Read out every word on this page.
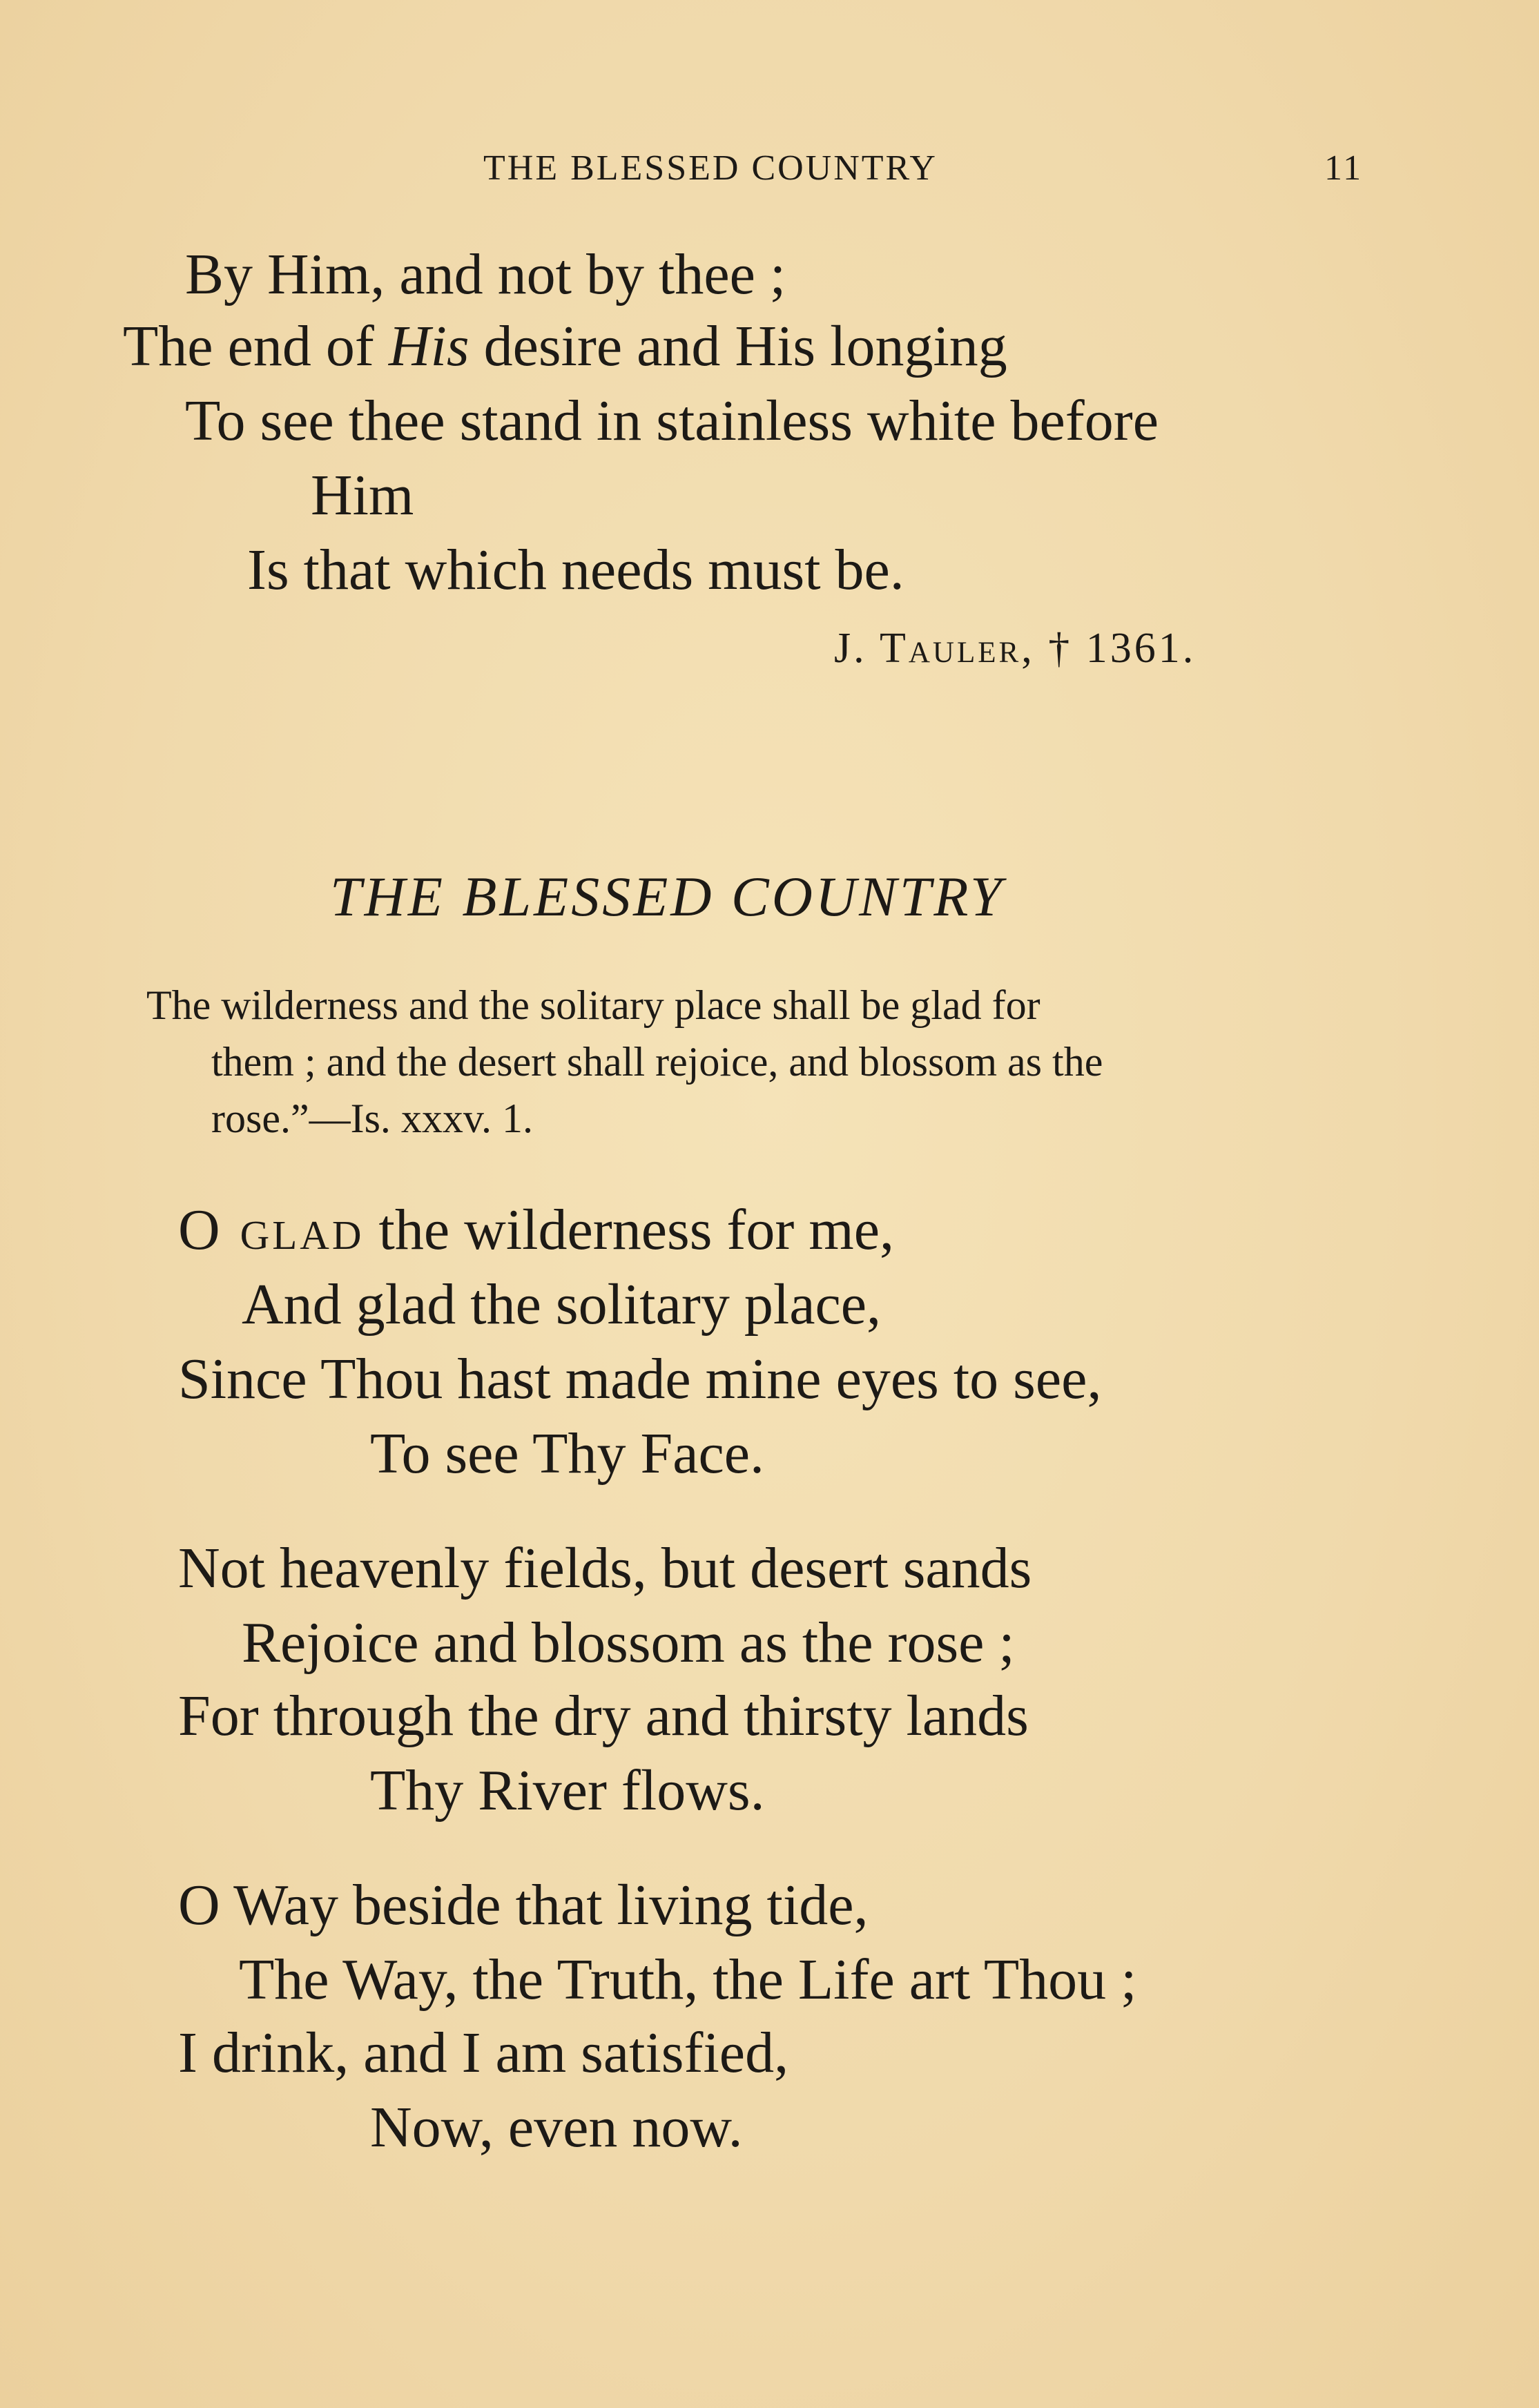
THE BLESSED COUNTRY	11
By Him, and not by thee ;
The end of His desire and His longing
To see thee stand in stainless white before
Him
Is that which needs must be.
J. Tauler, † 1361.
THE BLESSED COUNTRY
The wilderness and the solitary place shall be glad for
them ; and the desert shall rejoice, and blossom as the
rose.”—Is. xxxv. 1.
O glad the wilderness for me,
And glad the solitary place,
Since Thou hast made mine eyes to see,
To see Thy Face.
Not heavenly fields, but desert sands
Rejoice and blossom as the rose ;
For through the dry and thirsty lands
Thy River flows.
O Way beside that living tide,
The Way, the Truth, the Life art Thou ;
I drink, and I am satisfied,
Now, even now.
